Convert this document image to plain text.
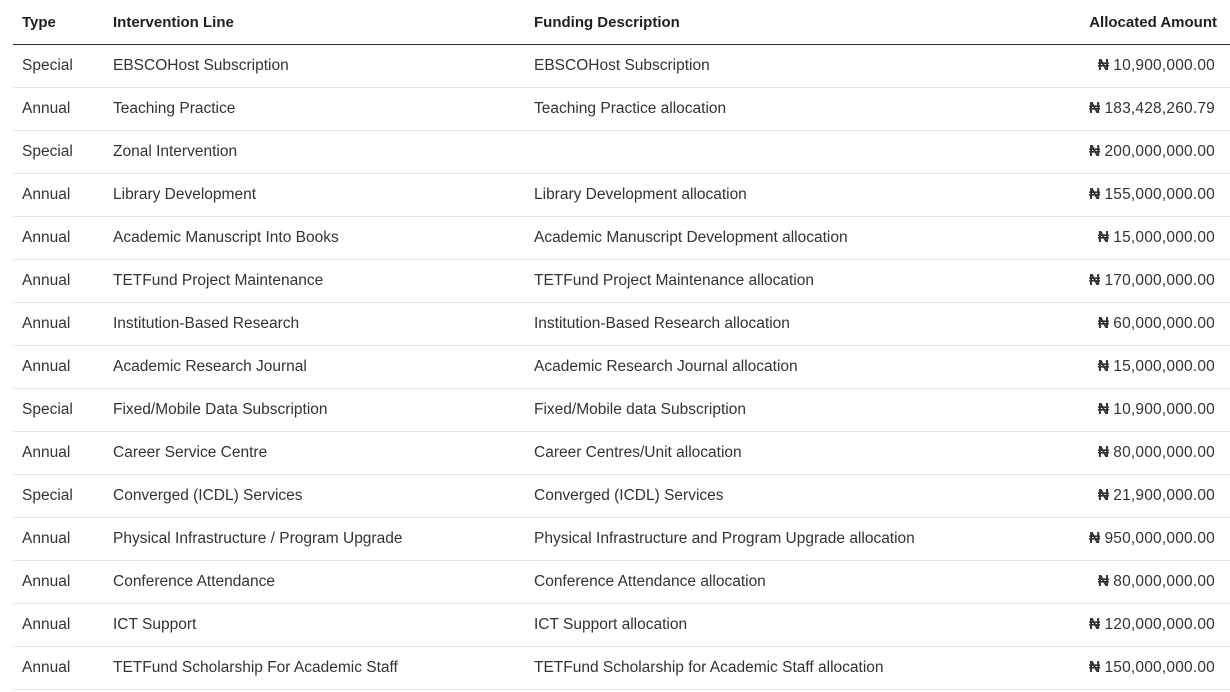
Type	Intervention Line	Funding Description	Allocated Amount
Special	EBSCOHost Subscription	EBSCOHost Subscription	₦ 10,900,000.00
Annual	Teaching Practice	Teaching Practice allocation	₦ 183,428,260.79
Special	Zonal Intervention		₦ 200,000,000.00
Annual	Library Development	Library Development allocation	₦ 155,000,000.00
Annual	Academic Manuscript Into Books	Academic Manuscript Development allocation	₦ 15,000,000.00
Annual	TETFund Project Maintenance	TETFund Project Maintenance allocation	₦ 170,000,000.00
Annual	Institution-Based Research	Institution-Based Research allocation	₦ 60,000,000.00
Annual	Academic Research Journal	Academic Research Journal allocation	₦ 15,000,000.00
Special	Fixed/Mobile Data Subscription	Fixed/Mobile data Subscription	₦ 10,900,000.00
Annual	Career Service Centre	Career Centres/Unit allocation	₦ 80,000,000.00
Special	Converged (ICDL) Services	Converged (ICDL) Services	₦ 21,900,000.00
Annual	Physical Infrastructure / Program Upgrade	Physical Infrastructure and Program Upgrade allocation	₦ 950,000,000.00
Annual	Conference Attendance	Conference Attendance allocation	₦ 80,000,000.00
Annual	ICT Support	ICT Support allocation	₦ 120,000,000.00
Annual	TETFund Scholarship For Academic Staff	TETFund Scholarship for Academic Staff allocation	₦ 150,000,000.00
